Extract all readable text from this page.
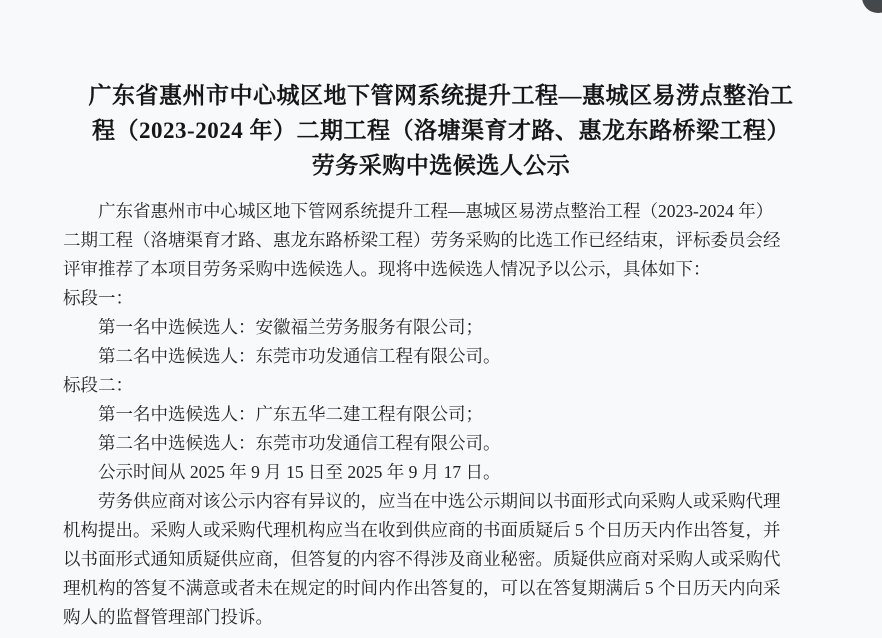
广东省惠州市中心城区地下管网系统提升工程—惠城区易涝点整治工
程（2023-2024 年）二期工程（洛塘渠育才路、惠龙东路桥梁工程）
劳务采购中选候选人公示
广东省惠州市中心城区地下管网系统提升工程—惠城区易涝点整治工程（2023-2024 年）
二期工程（洛塘渠育才路、惠龙东路桥梁工程）劳务采购的比选工作已经结束，评标委员会经
评审推荐了本项目劳务采购中选候选人。现将中选候选人情况予以公示，具体如下：
标段一：
第一名中选候选人：安徽福兰劳务服务有限公司；
第二名中选候选人：东莞市功发通信工程有限公司。
标段二：
第一名中选候选人：广东五华二建工程有限公司；
第二名中选候选人：东莞市功发通信工程有限公司。
公示时间从 2025 年 9 月 15 日至 2025 年 9 月 17 日。
劳务供应商对该公示内容有异议的，应当在中选公示期间以书面形式向采购人或采购代理
机构提出。采购人或采购代理机构应当在收到供应商的书面质疑后 5 个日历天内作出答复，并
以书面形式通知质疑供应商，但答复的内容不得涉及商业秘密。质疑供应商对采购人或采购代
理机构的答复不满意或者未在规定的时间内作出答复的，可以在答复期满后 5 个日历天内向采
购人的监督管理部门投诉。
